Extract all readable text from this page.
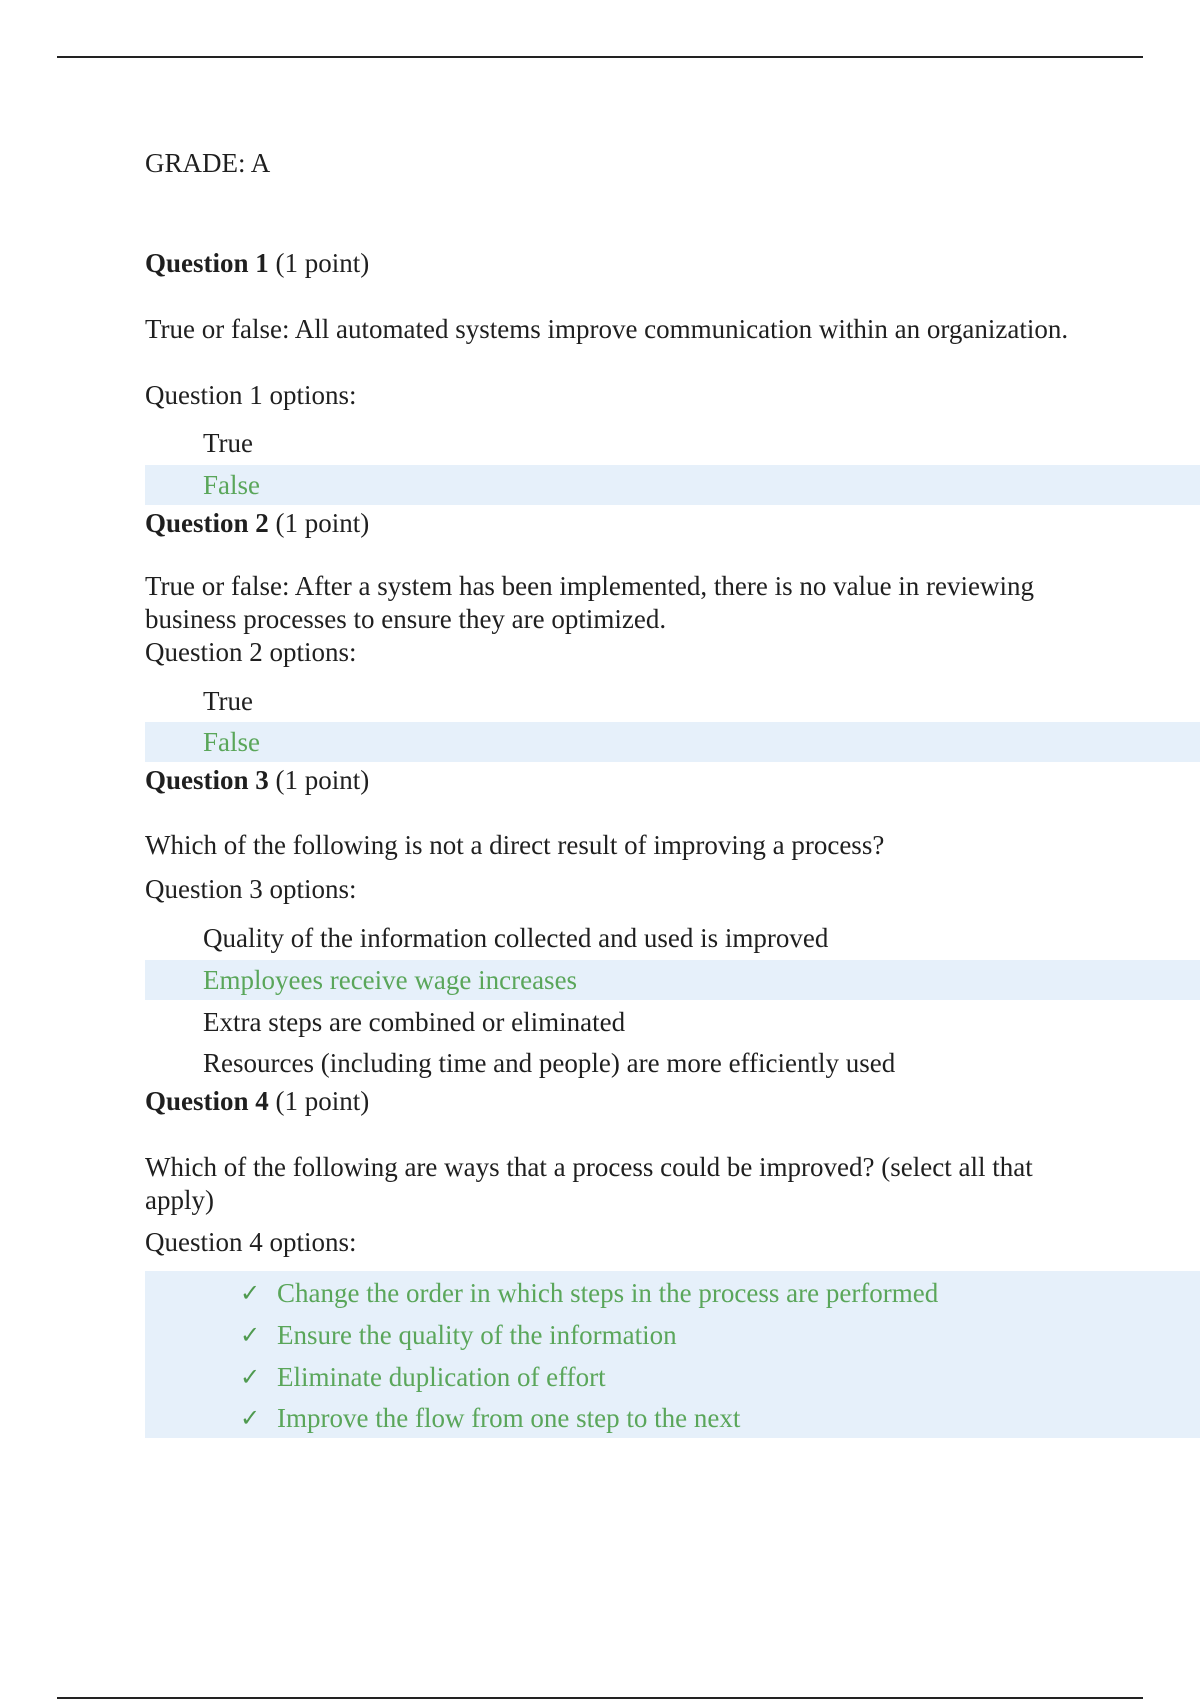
GRADE: A
Question 1 (1 point)
True or false: All automated systems improve communication within an organization.
Question 1 options:
True
False
Question 2 (1 point)
True or false: After a system has been implemented, there is no value in reviewing business processes to ensure they are optimized.
Question 2 options:
True
False
Question 3 (1 point)
Which of the following is not a direct result of improving a process?
Question 3 options:
Quality of the information collected and used is improved
Employees receive wage increases
Extra steps are combined or eliminated
Resources (including time and people) are more efficiently used
Question 4 (1 point)
Which of the following are ways that a process could be improved? (select all that apply)
Question 4 options:
✓ Change the order in which steps in the process are performed
✓ Ensure the quality of the information
✓ Eliminate duplication of effort
✓ Improve the flow from one step to the next
